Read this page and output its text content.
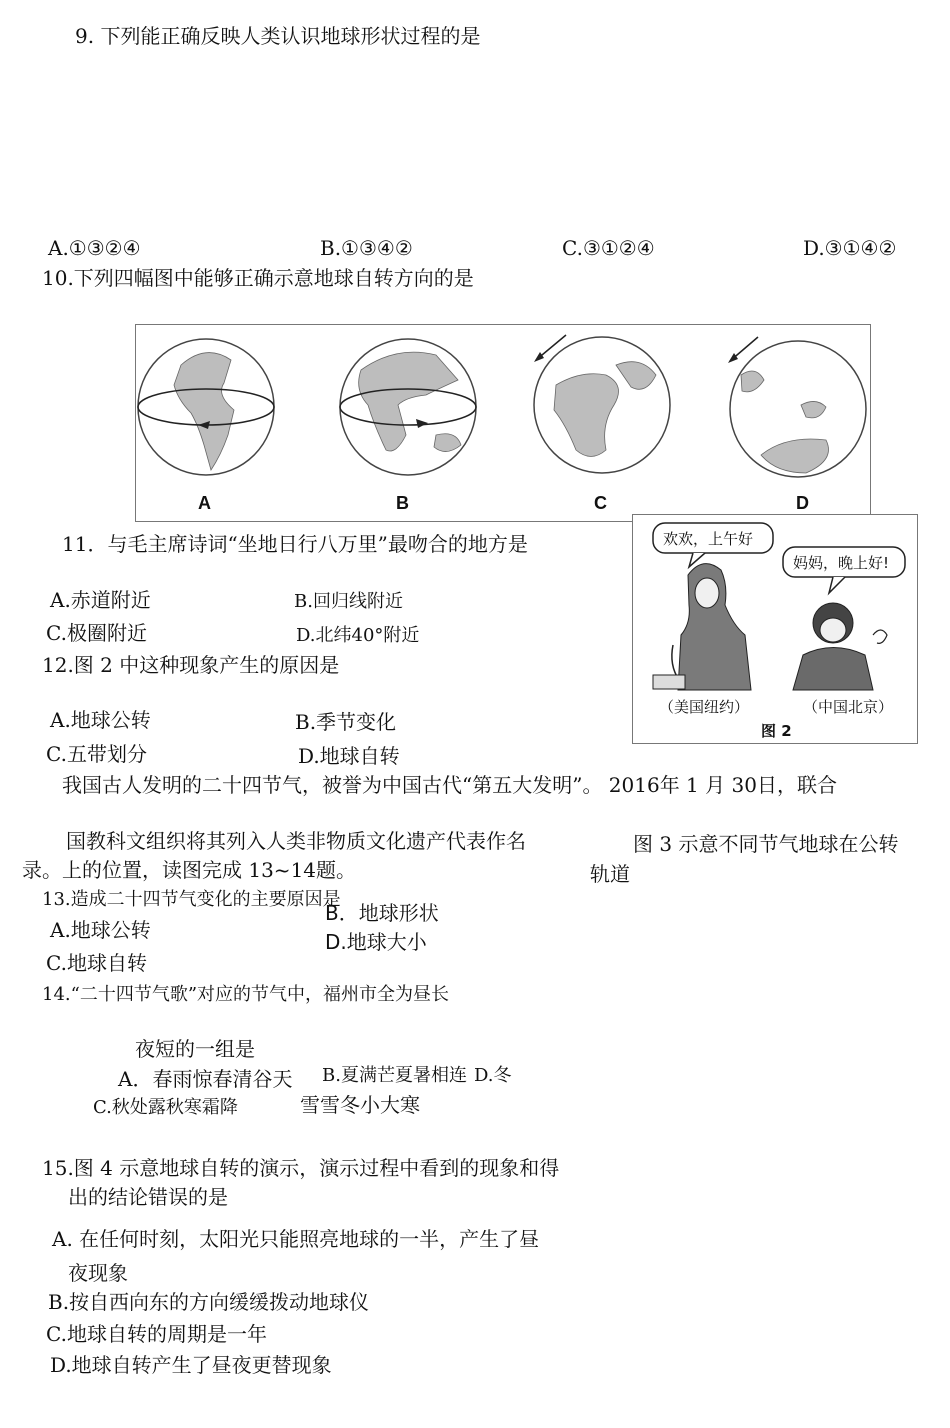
9. 下列能正确反映人类认识地球形状过程的是
A.①③②④	B.①③④②	C.③①②④	D.③①④②
10.下列四幅图中能够正确示意地球自转方向的是
A	B	C	D
11．与毛主席诗词“坐地日行八万里”最吻合的地方是
A.赤道附近	B.回归线附近
C.极圈附近	D.北纬40°附近
欢欢，上午好
妈妈，晚上好!
（美国纽约）	（中国北京）
图 2
12.图 2 中这种现象产生的原因是
A.地球公转	B.季节变化
C.五带划分	D.地球自转
我国古人发明的二十四节气，被誉为中国古代“第五大发明”。 2016年 1 月 30日，联合
国教科文组织将其列入人类非物质文化遗产代表作名	图 3 示意不同节气地球在公转
录。上的位置，读图完成 13~14题。	轨道
13.造成二十四节气变化的主要原因是
A.地球公转
B．地球形状
C.地球自转
D.地球大小
14.“二十四节气歌”对应的节气中，福州市全为昼长
夜短的一组是
A．春雨惊春清谷天 B.夏满芒夏暑相连 D.冬
C.秋处露秋寒霜降	雪雪冬小大寒
15.图 4 示意地球自转的演示，演示过程中看到的现象和得
出的结论错误的是
A. 在任何时刻，太阳光只能照亮地球的一半，产生了昼
夜现象
B.按自西向东的方向缓缓拨动地球仪
C.地球自转的周期是一年
D.地球自转产生了昼夜更替现象
